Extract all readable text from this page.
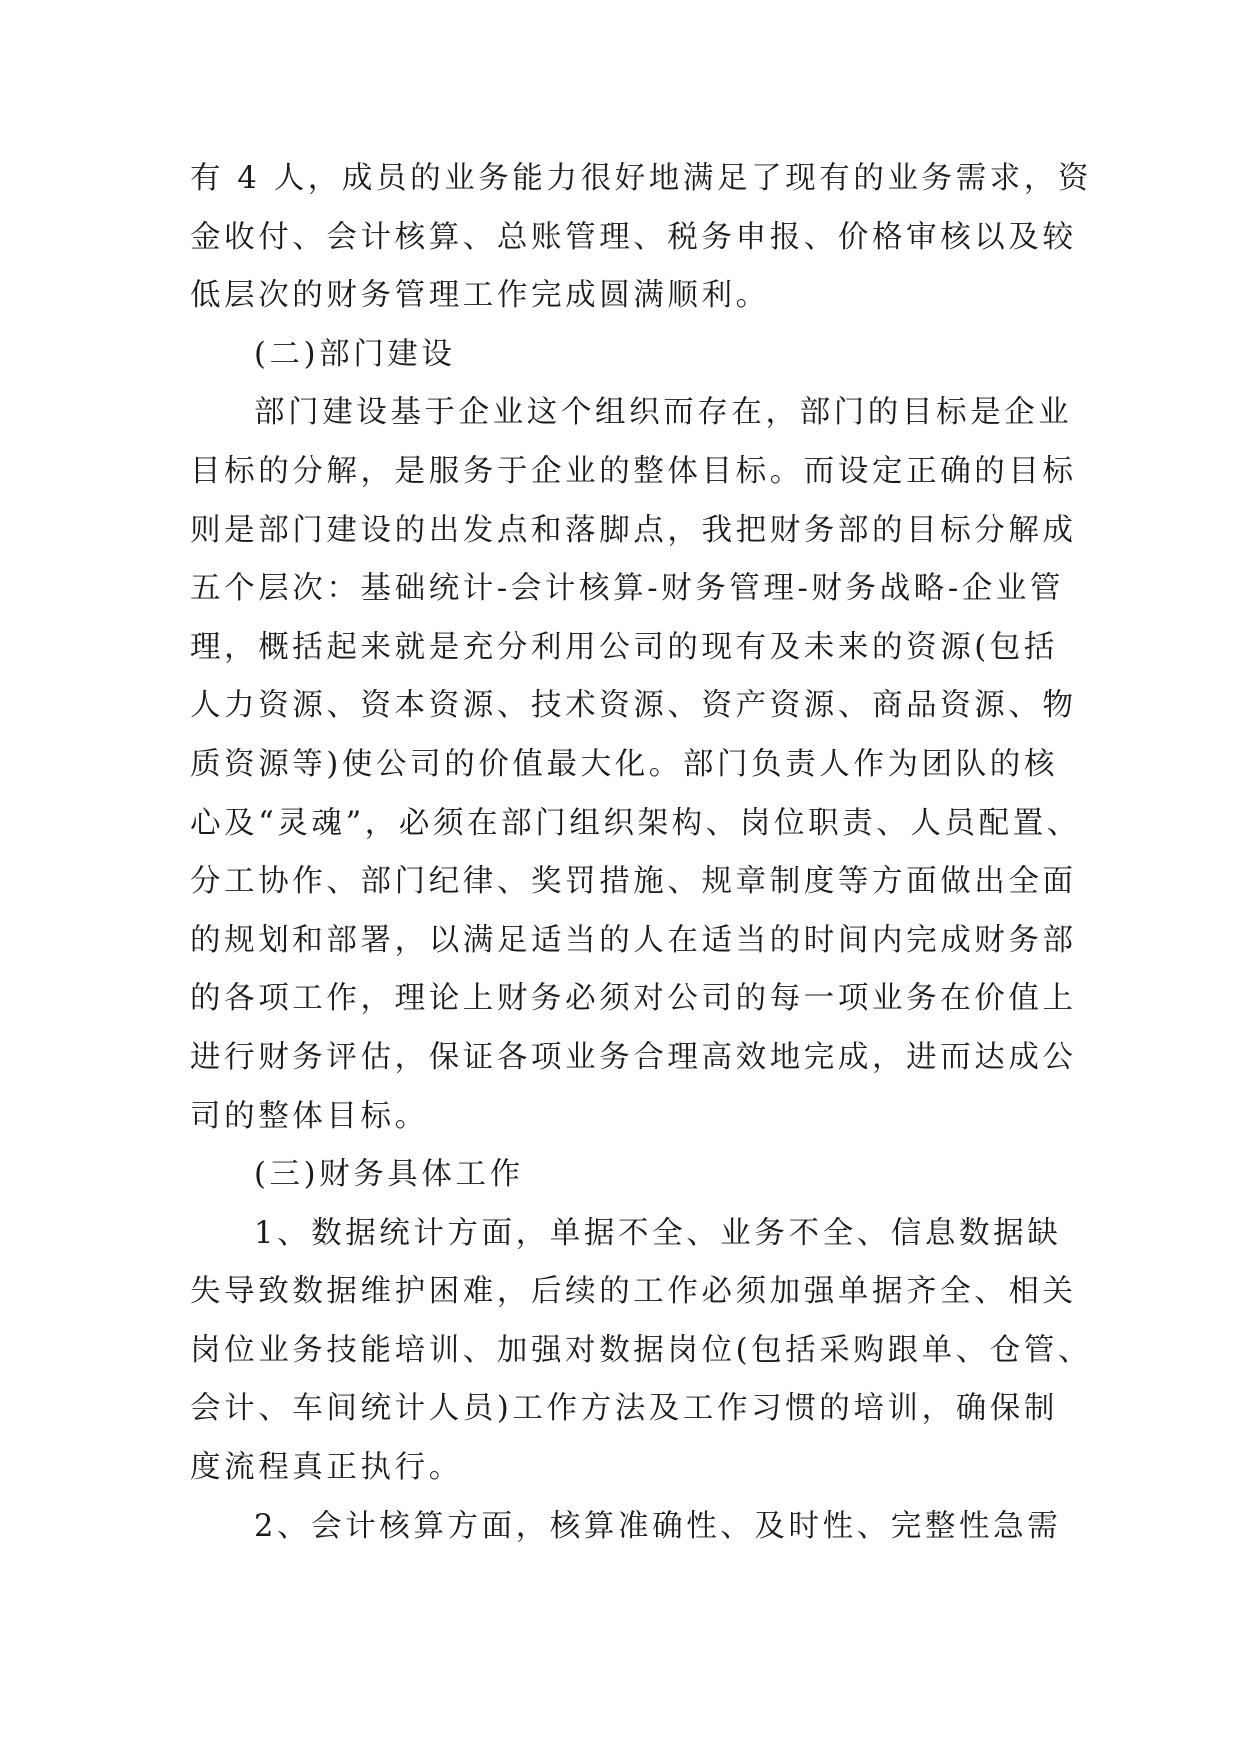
有 4 人，成员的业务能力很好地满足了现有的业务需求，资
金收付、会计核算、总账管理、税务申报、价格审核以及较
低层次的财务管理工作完成圆满顺利。
(二)部门建设
部门建设基于企业这个组织而存在，部门的目标是企业
目标的分解，是服务于企业的整体目标。而设定正确的目标
则是部门建设的出发点和落脚点，我把财务部的目标分解成
五个层次：基础统计-会计核算-财务管理-财务战略-企业管
理，概括起来就是充分利用公司的现有及未来的资源(包括
人力资源、资本资源、技术资源、资产资源、商品资源、物
质资源等)使公司的价值最大化。部门负责人作为团队的核
心及“灵魂”，必须在部门组织架构、岗位职责、人员配置、
分工协作、部门纪律、奖罚措施、规章制度等方面做出全面
的规划和部署，以满足适当的人在适当的时间内完成财务部
的各项工作，理论上财务必须对公司的每一项业务在价值上
进行财务评估，保证各项业务合理高效地完成，进而达成公
司的整体目标。
(三)财务具体工作
1、数据统计方面，单据不全、业务不全、信息数据缺
失导致数据维护困难，后续的工作必须加强单据齐全、相关
岗位业务技能培训、加强对数据岗位(包括采购跟单、仓管、
会计、车间统计人员)工作方法及工作习惯的培训，确保制
度流程真正执行。
2、会计核算方面，核算准确性、及时性、完整性急需
